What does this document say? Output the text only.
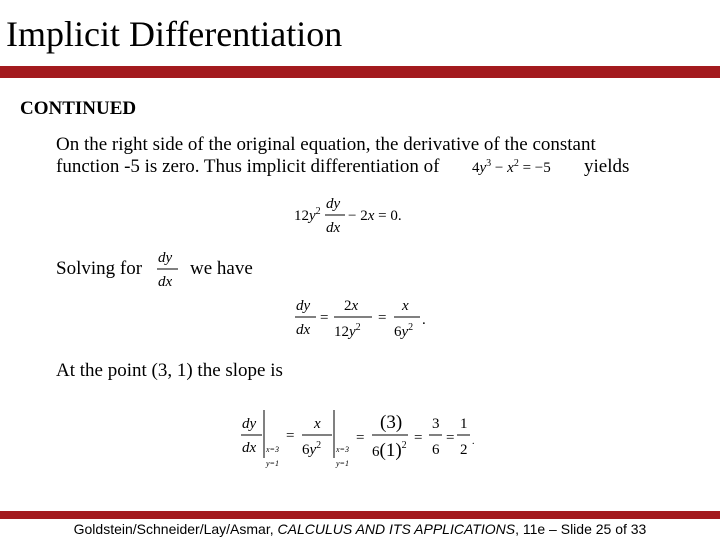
Implicit Differentiation
CONTINUED
On the right side of the original equation, the derivative of the constant
function -5 is zero. Thus implicit differentiation of $4y^3 - x^2 = -5$ yields
$12y^2$ dy
dx
− 2x = 0.
Solving for dy
dx
we have
dy
dx
=
2x
$12y^2$
=
x
$6y^2$ .
At the point (3, 1) the slope is
dy
dx x=3
y=1
=
x
$6y^2$ x=3
y=1
=
(3)
$6(1)^2$ =
3
6
=
1
2
.
Goldstein/Schneider/Lay/Asmar, CALCULUS AND ITS APPLICATIONS, 11e – Slide 25 of 33
